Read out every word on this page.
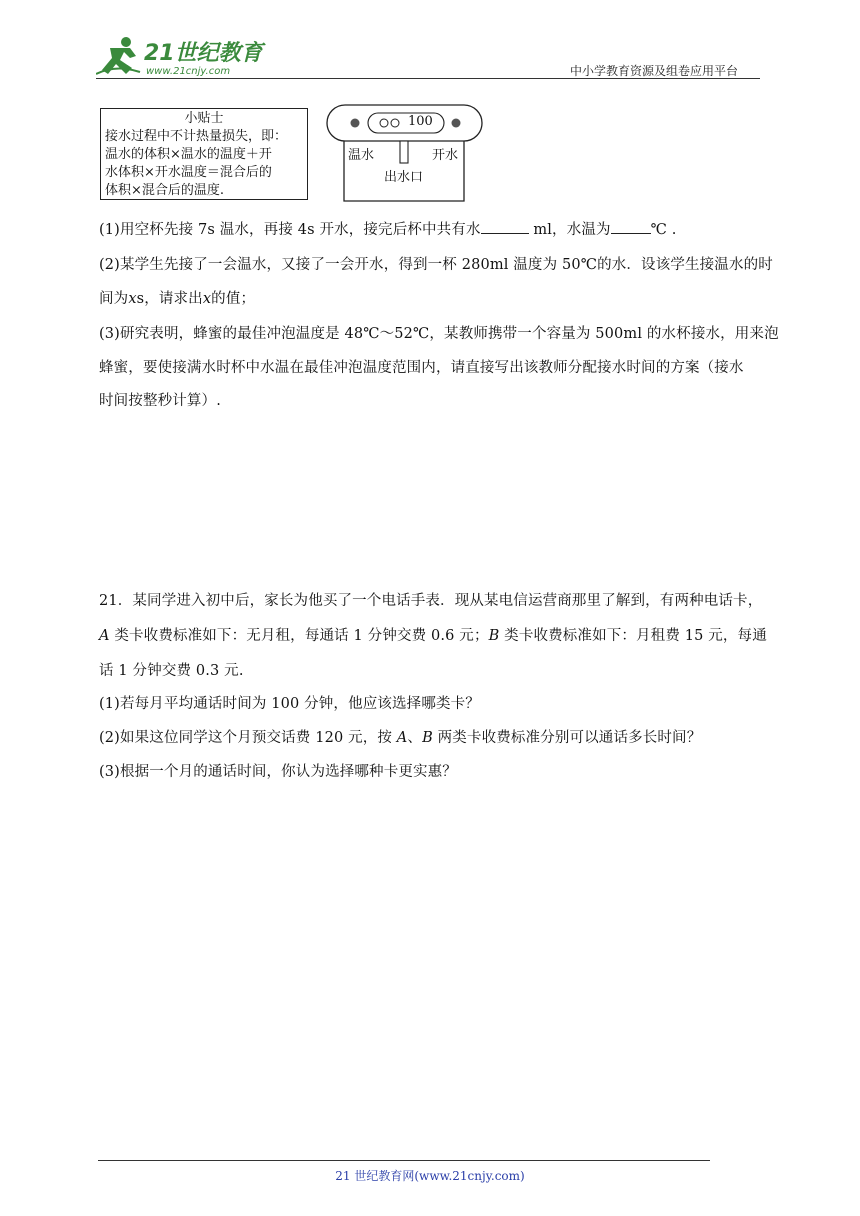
21世纪教育
www.21cnjy.com	中小学教育资源及组卷应用平台
小贴士
接水过程中不计热量损失，即：
温水的体积×温水的温度＋开
水体积×开水温度＝混合后的
体积×混合后的温度.
100
温水	开水
出水口
(1)用空杯先接 7s 温水，再接 4s 开水，接完后杯中共有水	ml，水温为	℃ .
(2)某学生先接了一会温水，又接了一会开水，得到一杯 280ml 温度为 50℃的水．设该学生接温水的时
间为xs，请求出x的值；
(3)研究表明，蜂蜜的最佳冲泡温度是 48℃～52℃，某教师携带一个容量为 500ml 的水杯接水，用来泡
蜂蜜，要使接满水时杯中水温在最佳冲泡温度范围内，请直接写出该教师分配接水时间的方案（接水
时间按整秒计算）.
21．某同学进入初中后，家长为他买了一个电话手表．现从某电信运营商那里了解到，有两种电话卡，
A 类卡收费标准如下：无月租，每通话 1 分钟交费 0.6 元；B 类卡收费标准如下：月租费 15 元，每通
话 1 分钟交费 0.3 元.
(1)若每月平均通话时间为 100 分钟，他应该选择哪类卡？
(2)如果这位同学这个月预交话费 120 元，按 A、B 两类卡收费标准分别可以通话多长时间？
(3)根据一个月的通话时间，你认为选择哪种卡更实惠？
21 世纪教育网(www.21cnjy.com)
